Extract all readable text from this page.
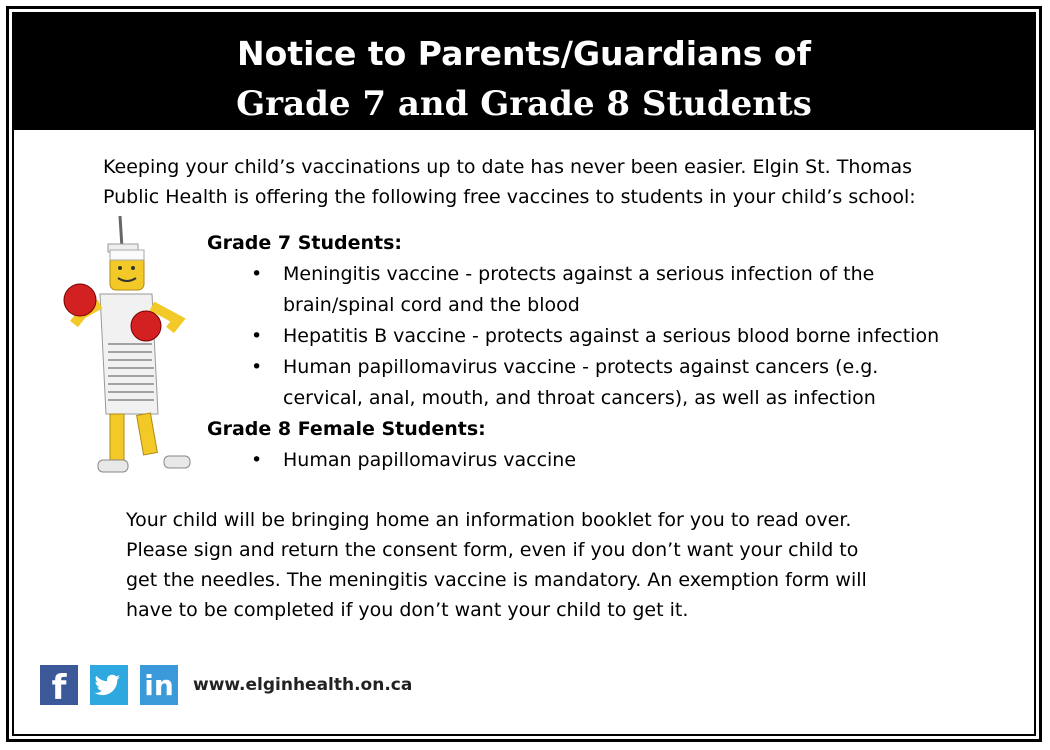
Notice to Parents/Guardians of
Grade 7 and Grade 8 Students
Keeping your child’s vaccinations up to date has never been easier. Elgin St. Thomas
Public Health is offering the following free vaccines to students in your child’s school:
Grade 7 Students:
• Meningitis vaccine - protects against a serious infection of the
brain/spinal cord and the blood
• Hepatitis B vaccine - protects against a serious blood borne infection
• Human papillomavirus vaccine - protects against cancers (e.g.
cervical, anal, mouth, and throat cancers), as well as infection
Grade 8 Female Students:
• Human papillomavirus vaccine
Your child will be bringing home an information booklet for you to read over.
Please sign and return the consent form, even if you don’t want your child to
get the needles. The meningitis vaccine is mandatory. An exemption form will
have to be completed if you don’t want your child to get it.
f	in www.elginhealth.on.ca
